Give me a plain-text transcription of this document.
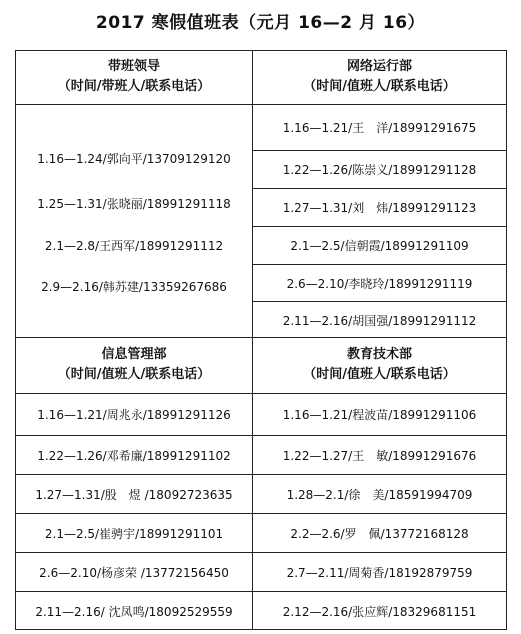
2017 寒假值班表（元月 16—2 月 16）
带班领导
（时间/带班人/联系电话）
网络运行部
（时间/值班人/联系电话）
信息管理部
（时间/值班人/联系电话）
教育技术部
（时间/值班人/联系电话）
1.16—1.24/郭向平/13709129120
1.25—1.31/张晓丽/18991291118
2.1—2.8/王西军/18991291112
2.9—2.16/韩苏建/13359267686
1.16—1.21/王　洋/18991291675
1.22—1.26/陈崇义/18991291128
1.27—1.31/刘　炜/18991291123
2.1—2.5/信朝霞/18991291109
2.6—2.10/李晓玲/18991291119
2.11—2.16/胡国强/18991291112
1.16—1.21/周兆永/18991291126
1.22—1.26/邓希廉/18991291102
1.27—1.31/殷　煜 /18092723635
2.1—2.5/崔骋宇/18991291101
2.6—2.10/杨彦荣 /13772156450
2.11—2.16/ 沈凤鸣/18092529559
1.16—1.21/程波苗/18991291106
1.22—1.27/王　敏/18991291676
1.28—2.1/徐　美/18591994709
2.2—2.6/罗　佩/13772168128
2.7—2.11/周菊香/18192879759
2.12—2.16/张应辉/18329681151
